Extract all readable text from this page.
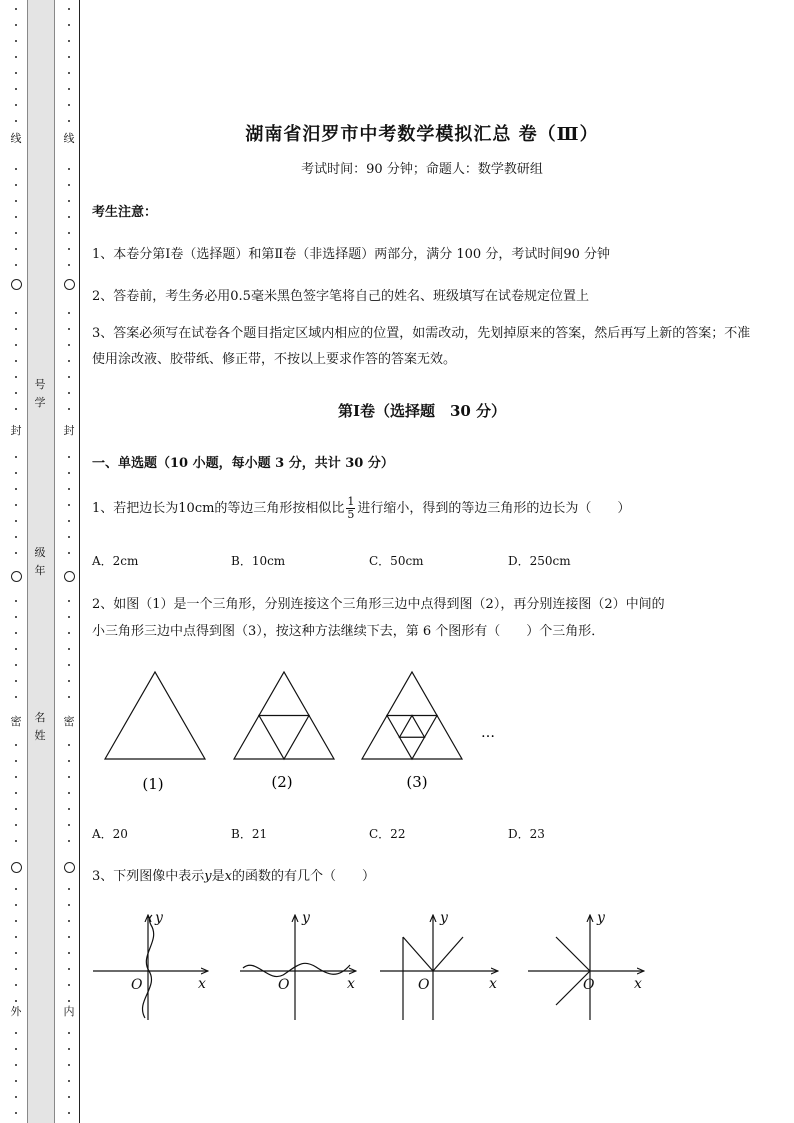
线
封
密
外
线
封
密
内
号
学
级
年
名
姓
湖南省汨罗市中考数学模拟汇总 卷（Ⅲ）
考试时间：90 分钟；命题人：数学教研组
考生注意：
1、本卷分第Ⅰ卷（选择题）和第Ⅱ卷（非选择题）两部分，满分 100 分，考试时间90 分钟
2、答卷前，考生务必用0.5毫米黑色签字笔将自己的姓名、班级填写在试卷规定位置上
3、答案必须写在试卷各个题目指定区域内相应的位置，如需改动，先划掉原来的答案，然后再写上新的答案；不准使用涂改液、胶带纸、修正带，不按以上要求作答的答案无效。
第Ⅰ卷（选择题　30 分）
一、单选题（10 小题，每小题 3 分，共计 30 分）
1、若把边长为10cm的等边三角形按相似比 $\frac{1}{5}$ 进行缩小，得到的等边三角形的边长为（　　）
A．2cm	B．10cm	C．50cm	D．250cm
2、如图（1）是一个三角形，分别连接这个三角形三边中点得到图（2），再分别连接图（2）中间的
小三角形三边中点得到图（3），按这种方法继续下去，第 6 个图形有（　　）个三角形．
(1)	(2)	(3)
…
A．20	B．21	C．22	D．23
3、下列图像中表示y是x的函数的有几个（　　）
y
x
O
y
x
O
y
x
O
y
x
O
